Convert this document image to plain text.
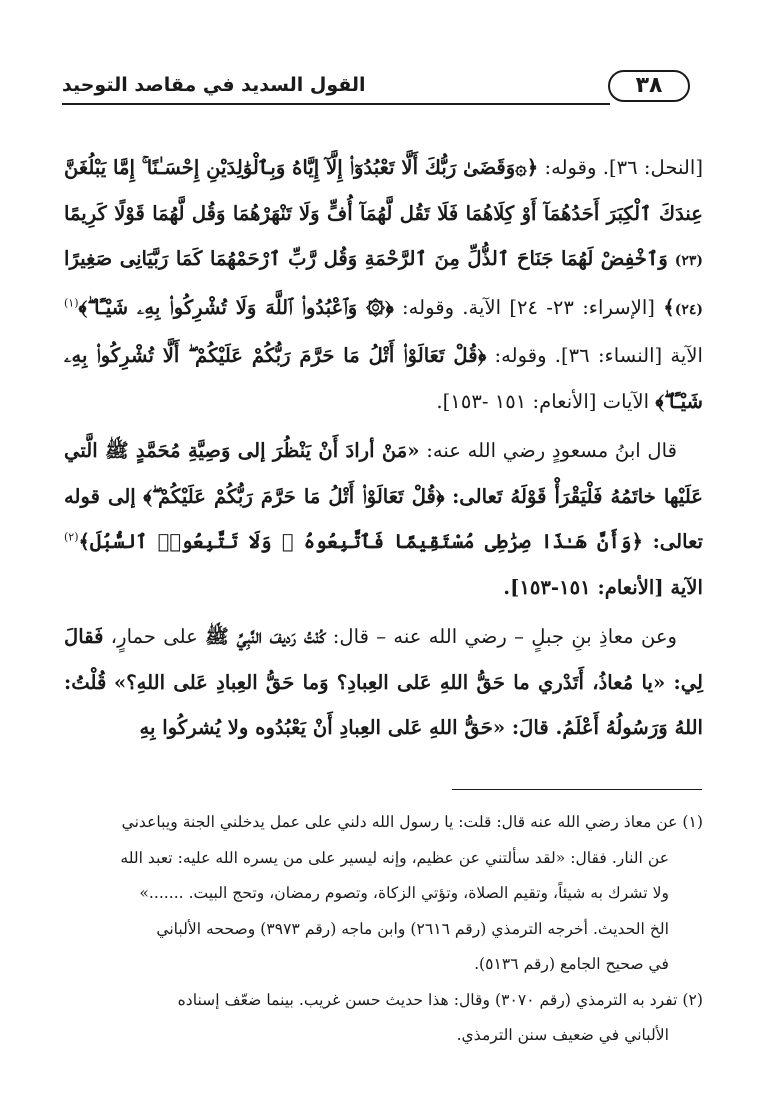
٣٨
القول السديد في مقاصد التوحيد

[النحل: ٣٦]. وقوله: ﴿۞وَقَضَىٰ رَبُّكَ أَلَّا تَعْبُدُوٓا۟ إِلَّآ إِيَّاهُ وَبِٱلْوَٰلِدَيْنِ إِحْسَـٰنًا ۚ إِمَّا يَبْلُغَنَّ عِندَكَ ٱلْكِبَرَ أَحَدُهُمَآ أَوْ كِلَاهُمَا فَلَا تَقُل لَّهُمَآ أُفٍّ وَلَا تَنْهَرْهُمَا وَقُل لَّهُمَا قَوْلًا كَرِيمًا (٢٣) وَٱخْفِضْ لَهُمَا جَنَاحَ ٱلذُّلِّ مِنَ ٱلرَّحْمَةِ وَقُل رَّبِّ ٱرْحَمْهُمَا كَمَا رَبَّيَانِى صَغِيرًا (٢٤)﴾ [الإسراء: ٢٣- ٢٤] الآية. وقوله: ﴿۞ وَٱعْبُدُوا۟ ٱللَّهَ وَلَا تُشْرِكُوا۟ بِهِۦ شَيْـًٔا ۖ﴾$^{(١)}$ الآية [النساء: ٣٦]. وقوله: ﴿قُلْ تَعَالَوْا۟ أَتْلُ مَا حَرَّمَ رَبُّكُمْ عَلَيْكُمْ ۖ أَلَّا تُشْرِكُوا۟ بِهِۦ شَيْـًٔا ۖ﴾ الآيات [الأنعام: ١٥١ -١٥٣].

قال ابنُ مسعودٍ رضي الله عنه: «مَنْ أرادَ أَنْ يَنْظُرَ إلى وَصِيَّةِ مُحَمَّدٍ ﷺ الَّتي عَلَيْها خاتَمُهُ فَلْيَقْرَأْ قَوْلَهُ تَعالى: ﴿قُلْ تَعَالَوْا۟ أَتْلُ مَا حَرَّمَ رَبُّكُمْ عَلَيْكُمْ ۖ﴾ إلى قوله تعالى: ﴿وَأَنَّ هَـٰذَا صِرَٰطِى مُسْتَقِيمًا فَٱتَّبِعُوهُ ۖ وَلَا تَتَّبِعُوا۟ ٱلسُّبُلَ﴾$^{(٢)}$ الآية [الأنعام: ١٥١-١٥٣].

وعن معاذِ بنِ جبلٍ – رضي الله عنه – قال: كُنْتُ رَديفَ النَّبِيِّ ﷺ على حمارٍ، فَقالَ لِي: «يا مُعاذُ، أَتَدْري ما حَقُّ اللهِ عَلى العِبادِ؟ وَما حَقُّ العِبادِ عَلى اللهِ؟» قُلْتُ: اللهُ وَرَسُولُهُ أَعْلَمُ. قالَ: «حَقُّ اللهِ عَلى العِبادِ أَنْ يَعْبُدُوه ولا يُشركُوا بِهِ

(١) عن معاذ رضي الله عنه قال: قلت: يا رسول الله دلني على عمل يدخلني الجنة ويباعدني

عن النار. فقال: «لقد سألتني عن عظيم، وإنه ليسير على من يسره الله عليه: تعبد الله

ولا تشرك به شيئاً، وتقيم الصلاة، وتؤتي الزكاة، وتصوم رمضان، وتحج البيت. .......»

الخ الحديث. أخرجه الترمذي (رقم ٢٦١٦) وابن ماجه (رقم ٣٩٧٣) وصححه الألباني

في صحيح الجامع (رقم ٥١٣٦).

(٢) تفرد به الترمذي (رقم ٣٠٧٠) وقال: هذا حديث حسن غريب. بينما ضعّف إسناده

الألباني في ضعيف سنن الترمذي.
